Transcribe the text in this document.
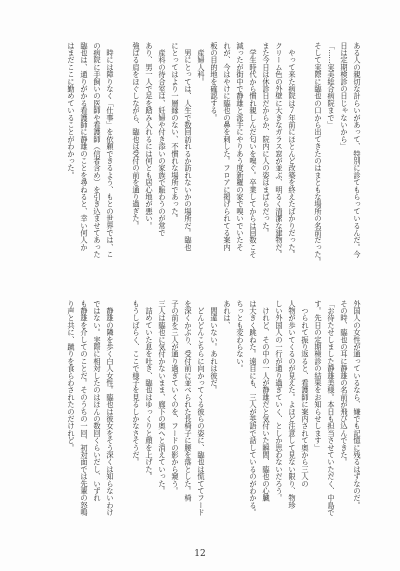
ある人の親切な計らいがあって、特別に診てもらっているんだ。今
日は定期検診の日じゃないから」
「……実美総合病院まで」
そして実際に臨也の口から出てきたのはまともな場所の名前だった。
　やって来た病院は７年前にほとんど改築を終えたばかりだった。
クリーム色の外壁に大きなガラス窓が並ぶ、明るく清潔な建物だ。
また今日は休診日だからか、院内に人の姿はまばらだった。
　学生時代から慣れ親しんだ匂いを嗅ぐ。卒業してからは回数こそ
減ったが街中で静雄と派手にやりあう度新羅の家で嗅いでいたそ
れが、今はやけに臨也の鼻を刺した。フロアに掲げられてる案内
板の目的地を確認する。
　産婦人科。
　男にとっては、人生で数回訪れるか訪れないかの場所だ。臨也
にとってはより一層縁のない、不慣れな場所であった。
　産科の待合室は、妊婦や付き添いの家族で賑わうのが常で
あり、男一人で足を踏み入れるには何とも居心地が悪い。
強ばる肩をほぐしながら、臨也は受付の前を通り過ぎた。
　時には障りなく「仕事」を依頼できるよう、もとの世界では、こ
の病院に手飼いの医師や看護師（信者含め）を引き込ませてあった
臨也は、通りがかる看護師に静雄のことを尋ねると、幸い何人か
はまだここに勤めていることがわかった。
外国人の女性が通っているなら、嫌でも記憶に残るはずなのだ。
その時、臨也の耳に静雄の名前が飛び込んできた。
「お待たせしました静雄美様。本日も担当させていただく、中島で
す。先日の定期検診の結果をお知らせします」
　つられて振り返ると、看護師に案内されて奥から三人の
人物が歩いてくるのが見えた。よほど注意して見ない限り、物珍
しい外国人の一行が通り過ぎていく、としか思わないだろう。
　けれど、その中の一人が静雄だと気付いた瞬間、臨也の心臓
は大きく跳ねた。遠目にも、三人が英語で話しているのがわかる。
ちっとも変わらない。
あれは、
　間違いない。あれは彼だ。
　どんどんこちらに向かってくる彼らの姿に、臨也は慌ててフード
を深くかぶり、受付前に並べられた長椅子に腰を落とした。椅
子の前を三人が通り過ぎていくのを、フードの影から窺う。
三人は臨也に気付かないまま、廊下の奥へと消えていった。
　詰めていた息を吐き、臨也はゆっくりと顔を上げた。
もうしばらく、ここで様子を見るしかなさそうだ。
　静雄の隣を歩く白人女性。臨也は彼女をそう深くは知らないわけ
ではない。実際に相対したのはほんの数回くらいだし、いずれ
も静雄を介してのことだ。そのうちの一回、初対面では先輩の怒鳴
り声と共に、蹴りを食らわされたのだけれど。
12
